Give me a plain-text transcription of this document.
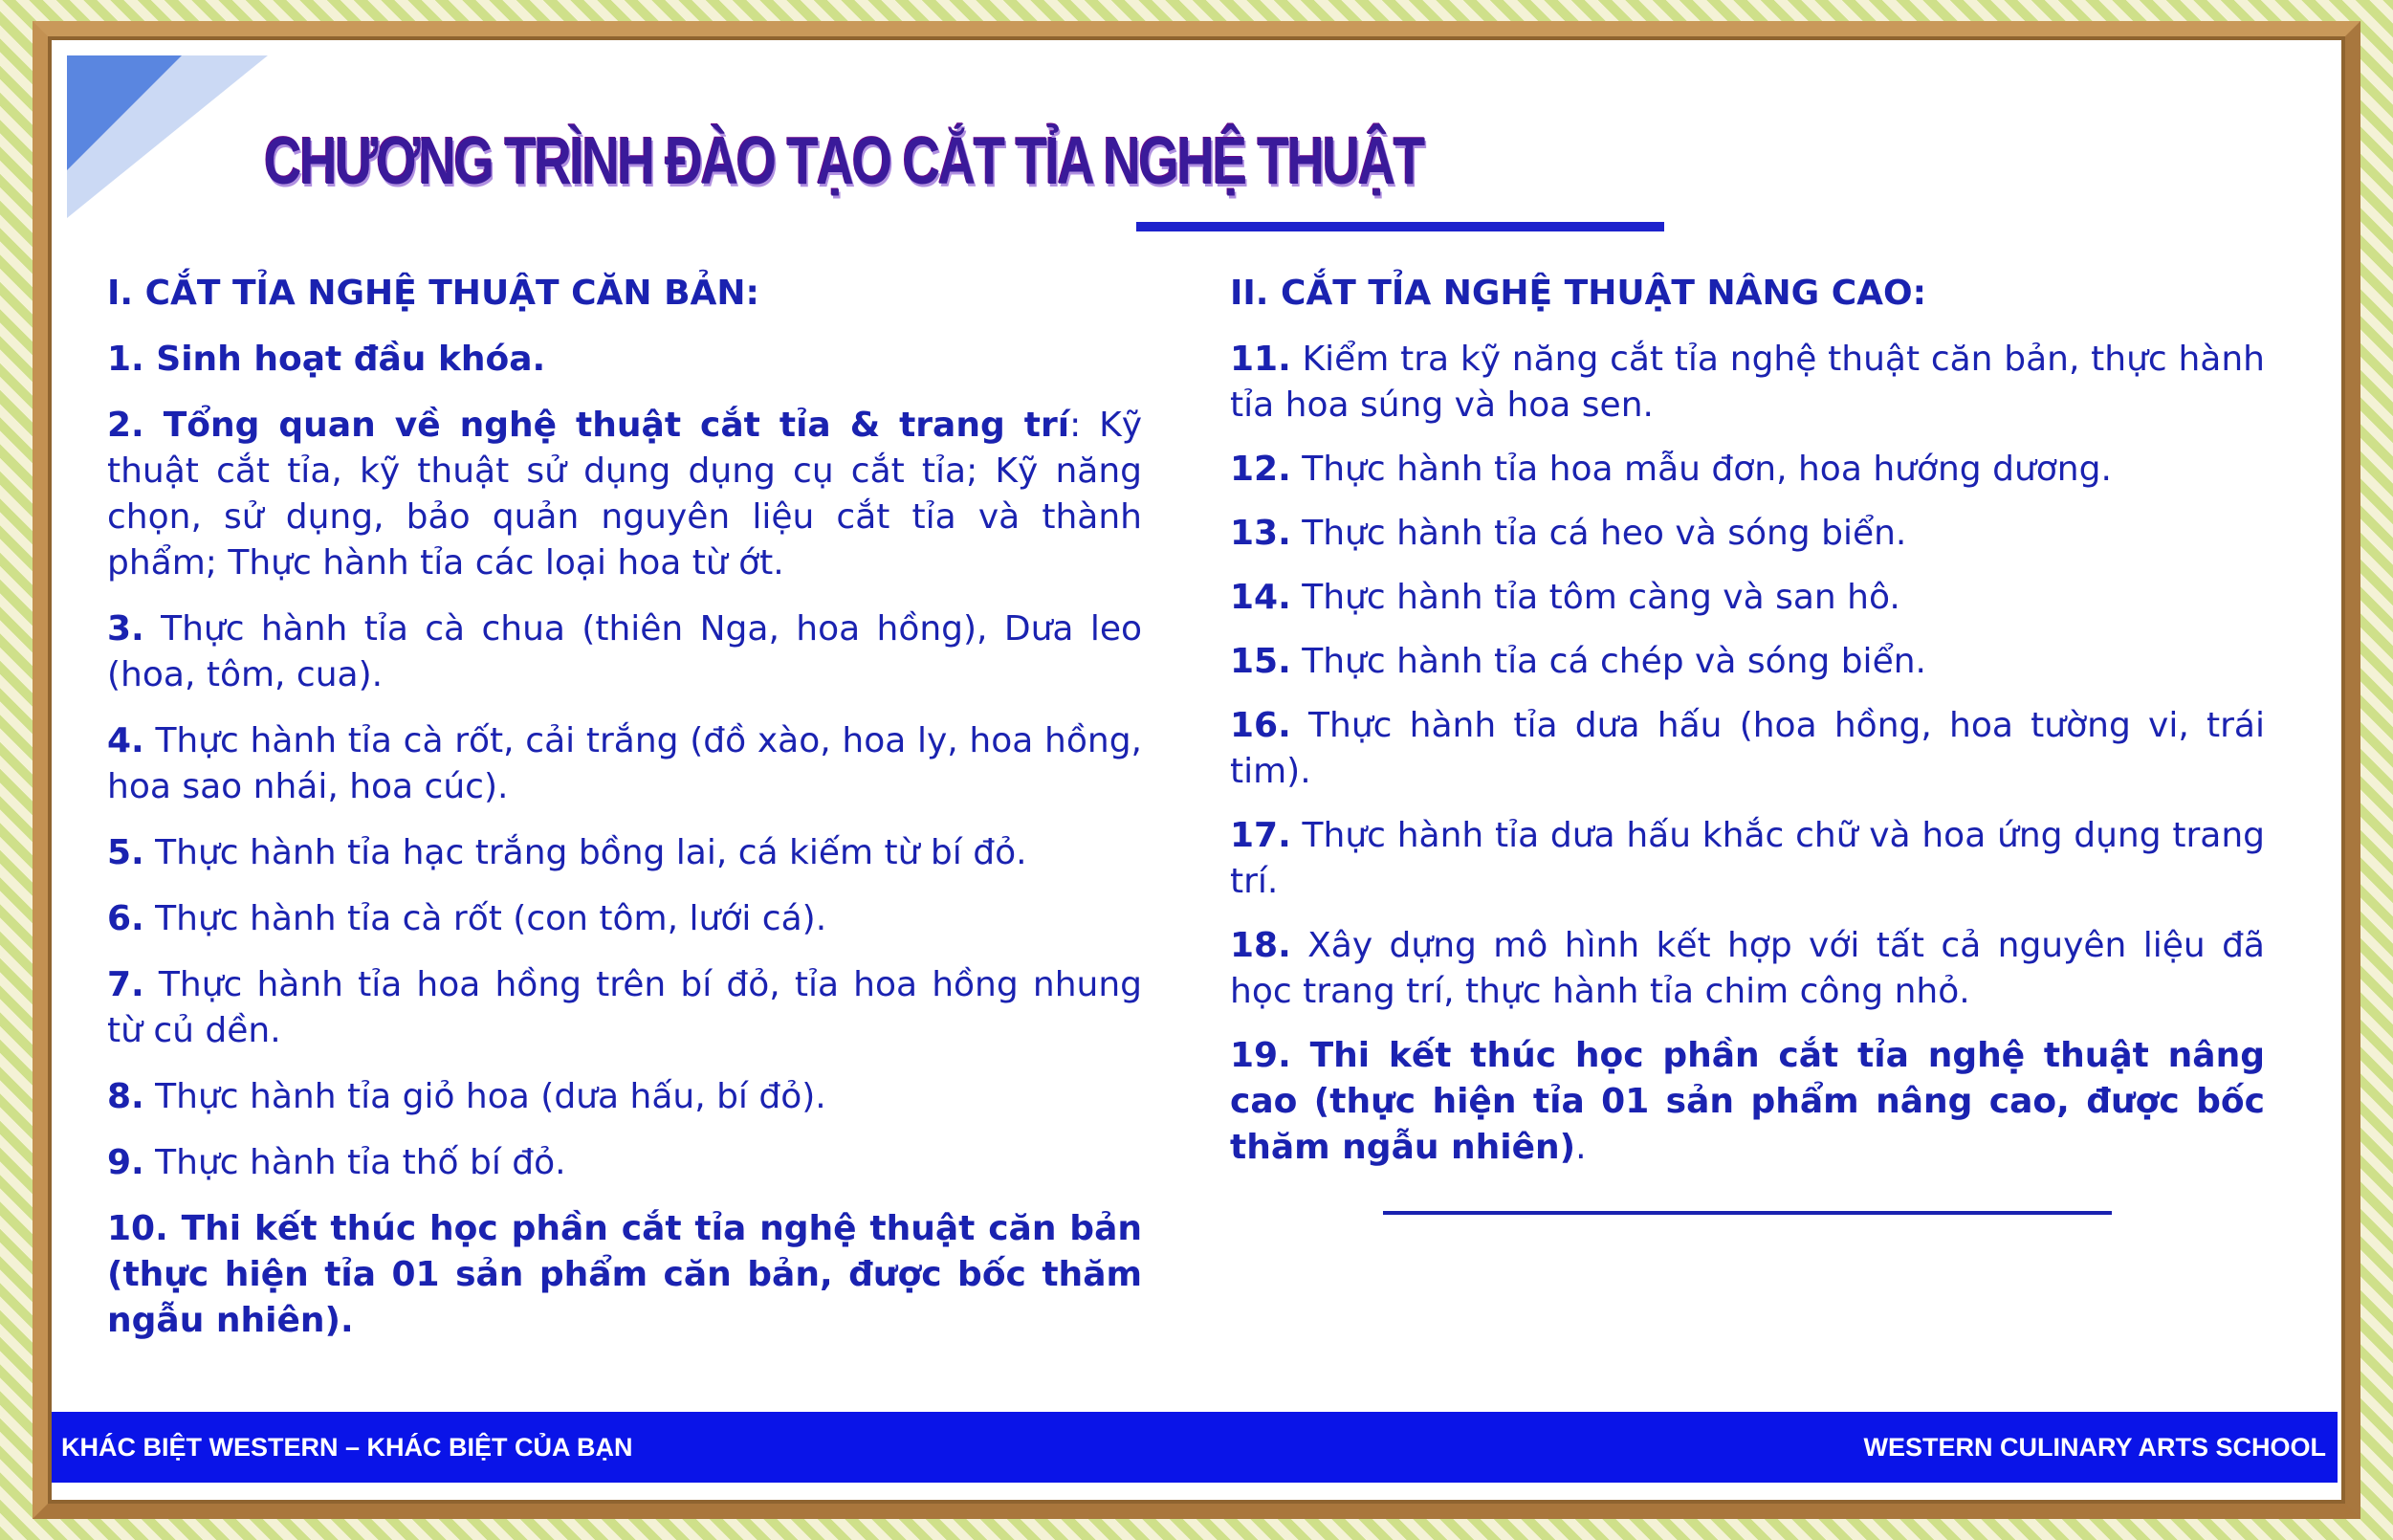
CHƯƠNG TRÌNH ĐÀO TẠO CẮT TỈA NGHỆ THUẬT
I. CẮT TỈA NGHỆ THUẬT CĂN BẢN:
1. Sinh hoạt đầu khóa.
2. Tổng quan về nghệ thuật cắt tỉa & trang trí: Kỹ thuật cắt tỉa, kỹ thuật sử dụng dụng cụ cắt tỉa; Kỹ năng chọn, sử dụng, bảo quản nguyên liệu cắt tỉa và thành phẩm; Thực hành tỉa các loại hoa từ ớt.
3. Thực hành tỉa cà chua (thiên Nga, hoa hồng), Dưa leo (hoa, tôm, cua).
4. Thực hành tỉa cà rốt, cải trắng (đồ xào, hoa ly, hoa hồng, hoa sao nhái, hoa cúc).
5. Thực hành tỉa hạc trắng bồng lai, cá kiếm từ bí đỏ.
6. Thực hành tỉa cà rốt (con tôm, lưới cá).
7. Thực hành tỉa hoa hồng trên bí đỏ, tỉa hoa hồng nhung từ củ dền.
8. Thực hành tỉa giỏ hoa (dưa hấu, bí đỏ).
9. Thực hành tỉa thố bí đỏ.
10. Thi kết thúc học phần cắt tỉa nghệ thuật căn bản (thực hiện tỉa 01 sản phẩm căn bản, được bốc thăm ngẫu nhiên).
II. CẮT TỈA NGHỆ THUẬT NÂNG CAO:
11. Kiểm tra kỹ năng cắt tỉa nghệ thuật căn bản, thực hành tỉa hoa súng và hoa sen.
12. Thực hành tỉa hoa mẫu đơn, hoa hướng dương.
13. Thực hành tỉa cá heo và sóng biển.
14. Thực hành tỉa tôm càng và san hô.
15. Thực hành tỉa cá chép và sóng biển.
16. Thực hành tỉa dưa hấu (hoa hồng, hoa tường vi, trái tim).
17. Thực hành tỉa dưa hấu khắc chữ và hoa ứng dụng trang trí.
18. Xây dựng mô hình kết hợp với tất cả nguyên liệu đã học trang trí, thực hành tỉa chim công nhỏ.
19. Thi kết thúc học phần cắt tỉa nghệ thuật nâng cao (thực hiện tỉa 01 sản phẩm nâng cao, được bốc thăm ngẫu nhiên).
KHÁC BIỆT WESTERN – KHÁC BIỆT CỦA BẠN	WESTERN CULINARY ARTS SCHOOL
